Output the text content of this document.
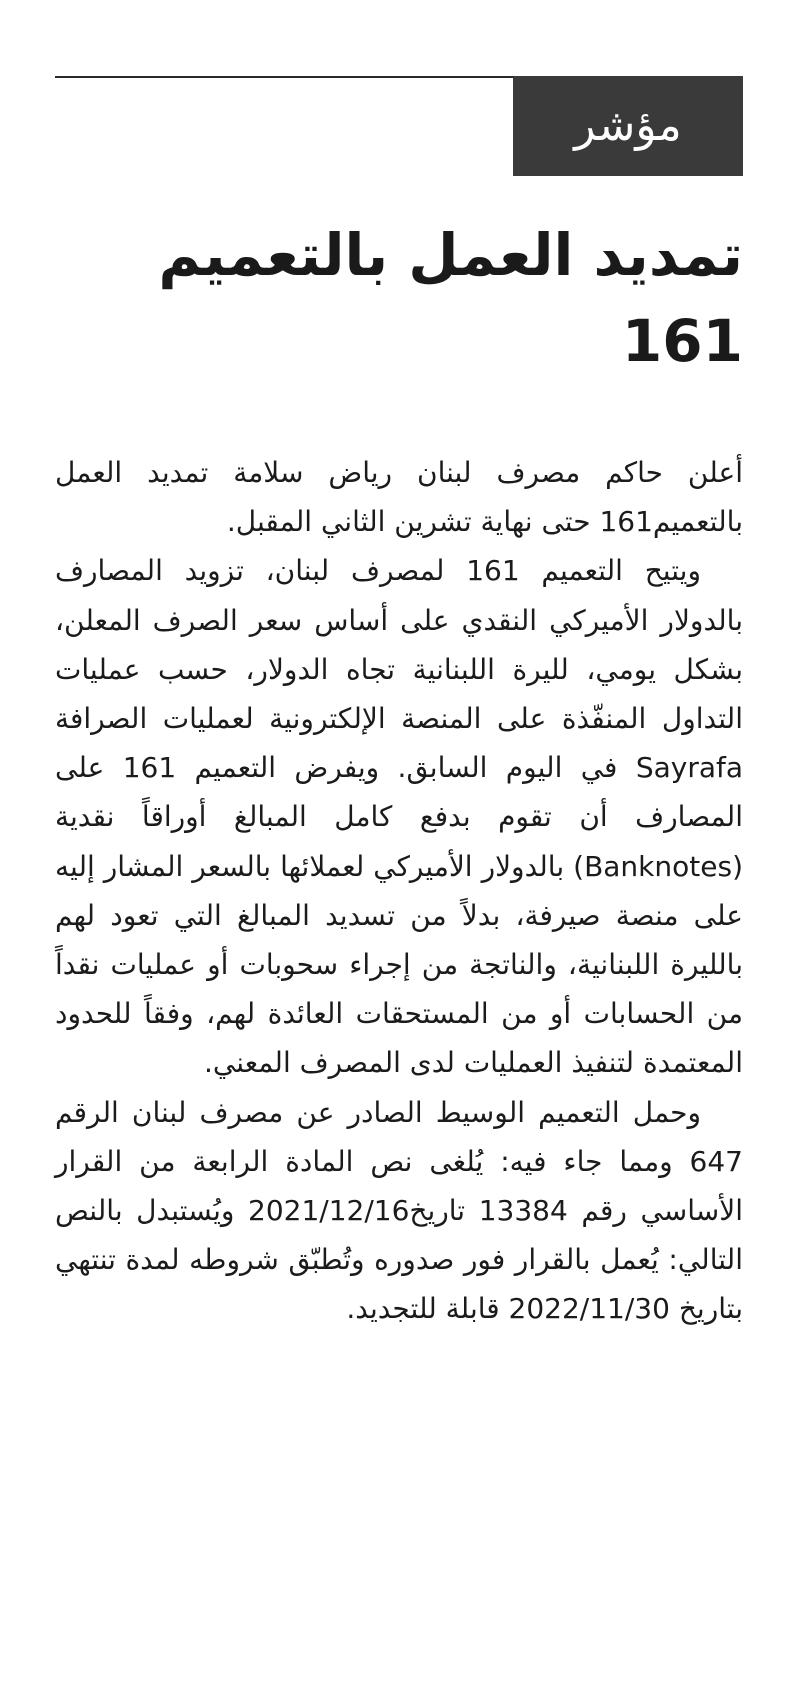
مؤشر
تمديد العمل بالتعميم 161

أعلن حاكم مصرف لبنان رياض سلامة تمديد العمل بالتعميم161 حتى نهاية تشرين الثاني المقبل.

ويتيح التعميم 161 لمصرف لبنان، تزويد المصارف بالدولار الأميركي النقدي على أساس سعر الصرف المعلن، بشكل يومي، لليرة اللبنانية تجاه الدولار، حسب عمليات التداول المنفّذة على المنصة الإلكترونية لعمليات الصرافة Sayrafa في اليوم السابق. ويفرض التعميم 161 على المصارف أن تقوم بدفع كامل المبالغ أوراقاً نقدية (Banknotes) بالدولار الأميركي لعملائها بالسعر المشار إليه على منصة صيرفة، بدلاً من تسديد المبالغ التي تعود لهم بالليرة اللبنانية، والناتجة من إجراء سحوبات أو عمليات نقداً من الحسابات أو من المستحقات العائدة لهم، وفقاً للحدود المعتمدة لتنفيذ العمليات لدى المصرف المعني.

وحمل التعميم الوسيط الصادر عن مصرف لبنان الرقم 647 ومما جاء فيه: يُلغى نص المادة الرابعة من القرار الأساسي رقم 13384 تاريخ2021/12/16 ويُستبدل بالنص التالي: يُعمل بالقرار فور صدوره وتُطبّق شروطه لمدة تنتهي بتاريخ 2022/11/30 قابلة للتجديد.
